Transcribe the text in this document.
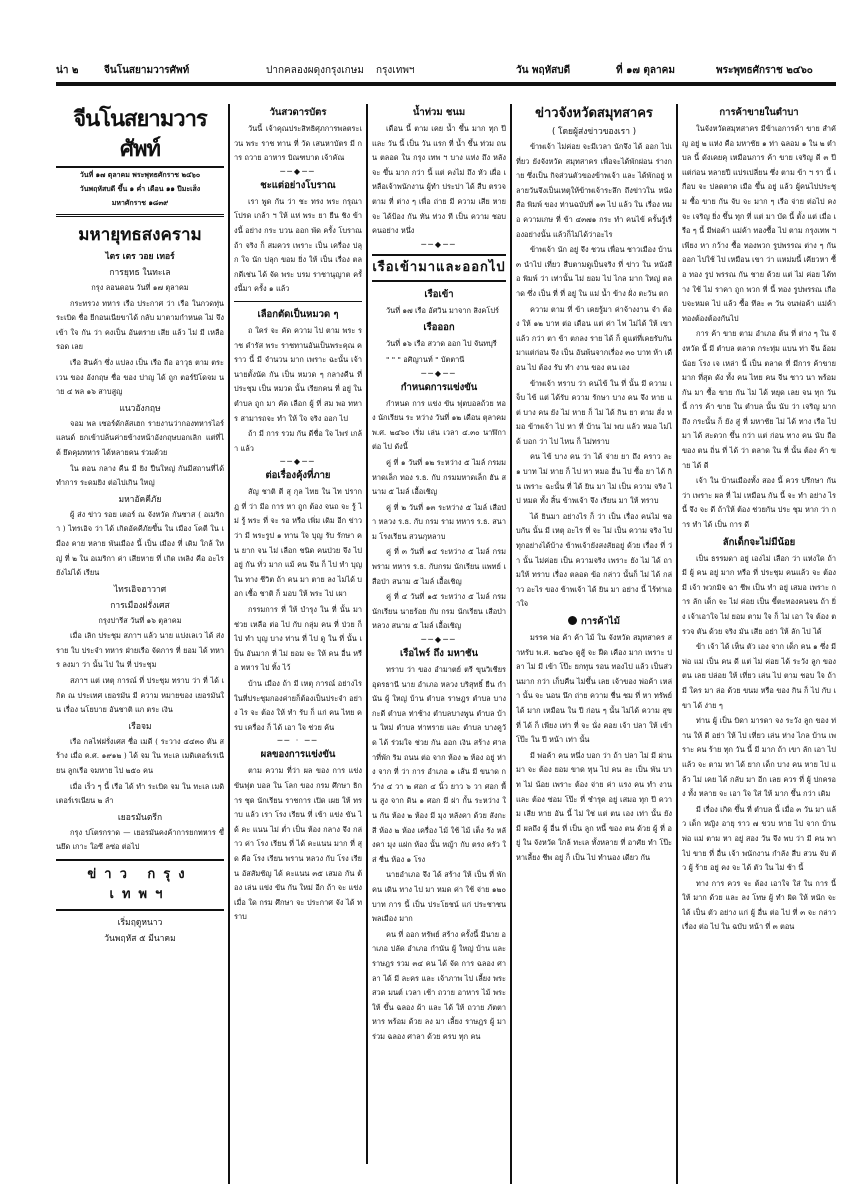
น่า ๒	จีนโนสยามวารศัพท์	ปากคลองผดุงกรุงเกษม กรุงเทพฯ	วัน พฤหัสบดี	ที่ ๑๗ ตุลาคม	พระพุทธศักราช ๒๔๖๐
จีนโนสยามวารศัพท์
วันที่ ๑๗ ตุลาคม พระพุทธศักราช ๒๔๖๐
วันพฤหัสบดี ขึ้น ๑ ค่ำ เดือน ๑๑ ปีมะเส็ง
มหาศักราช ๑๘๓๙
มหายุทธสงคราม
ไตร เตร วอย เทอร์
การยุทธ ในทะเล

กรุง ลอนดอน วันที่ ๑๗ ตุลาคม

กระทรวง ทหาร เรือ ประกาศ ว่า เรือ ในกวดทุ่น ระเบิด ชื่อ ยีกอนเนียขาได้ กลับ มาตามกำหนด ไม่ จึง เข้า ใจ กัน ว่า คงเป็น อันตราย เสีย แล้ว ไม่ มี เหลือ รอด เลย

เรือ สินค้า ซึ่ง แปลง เป็น เรือ ถือ อาวุธ ตาม ตระเวน ของ อังกฤษ ชื่อ ของ ปาญ ได้ ถูก ตอร์ปิโดจม นาย ๔ พล ๑๖ สาบสูญ

แนวอังกฤษ

จอม พล เซอร์ดักลัสเฮก รายงานว่ากองทหารไอร์แลนด์ ยกเข้าปล้นค่ายข้างหน้าอังกฤษบอกเลิก แต่ที่ได้ ยึดคุมทหาร ได้หลายคน ร่วมด้วย

ใน ตอน กลาง คืน มี ยิง ปืนใหญ่ กันมีสถานที่ได้ ทำการ ระดมยิง ต่อไปเกิน ใหญ่

มหาอัคคีภัย

ผู้ ส่ง ข่าว รอย เตอร์ ณ จังหวัด กันซาส ( อเมริกา ) ไทรเอิจ ว่า ได้ เกิดอัคคีภัยขึ้น ใน เมือง โคตี ใน เมือง คาย หลาย พันเมือง นี้ เป็น เมือง ที่ เดิม ใกล้ ใหญ่ ที่ ๒ ใน อเมริกา ค่า เสียหาย ที่ เกิด เพลิง คือ อะไรยังไม่ได้ เรียน

ไทรเอิจฮาวาศ
การเมืองฝรั่งเศส

กรุงปารีส วันที่ ๑๖ ตุลาคม

เมื่อ เลิก ประชุม สภาฯ แล้ว นาย แปงเลเว ได้ ส่ง ราย ใบ ประจำ ทหาร ฝ่ายเรือ จัดการ ที่ ยอม ได้ ทหาร ลงมา ว่า นั้น ไป ใน ที่ ประชุม

สภาฯ แต่ เหตุ การณ์ ที่ ประชุม ทราบ ว่า ที่ ได้ เกิด ณ ประเทศ เยอรมัน มี ความ หมายของ เยอรมันใน เรื่อง นโยบาย อันชาติ แก ตระ เงิน

เรือจม

เรือ กลไฟฝรั่งเศส ชื่อ เมดี ( ระวาง ๔๔๓๐ ตัน สร้าง เมื่อ ค.ศ. ๑๙๑๒ ) ได้ จม ใน ทะเล เมดิเตอร์เรเนียน ลูกเรือ จมหาย ไป ๒๕๐ คน

เมื่อ เร็ว ๆ นี้ เรือ ได้ ทำ ระเบิด จม ใน ทะเล เมดิเตอร์เรเนียน ๒ ลำ

เยอรมันตรีก

กรุง ปโตรกราด — เยอรมันคงค้าการยกทหาร ขึ้นยึด เกาะ ใอซี ลซ่อ ต่อไป

ข่าว กรุง เทพฯ
เริ่มฤดูหนาว
วันพฤหัส ๕ มีนาคม
วันสวดารบัตร

วันนี้ เจ้าคุณประสิทธิศุภการพลตระเวน พระ ราช ทาน ที่ วัด เสนหาบัตร มี การ ถวาย อาหาร บิณฑบาต เจ้าคัณ

──◆──
ชะแต่อย่างโบราณ

เรา พูด กัน ว่า ชะ ทรง พระ กรุณา โปรด เกล้า ฯ ให้ แห่ พระ ยา ยืน ชิง ข้างนี้ อย่าง กระ บวน ออก พัด ครั้ง โบราณ ถ้า จริง ก็ สมควร เพราะ เป็น เครื่อง ปลุก ใจ นัก ปลุก ขอม ยิ่ง ให้ เป็น เรื่อง ตลกดีเช่น ได้ จัด พระ บรม ราชานุญาต ครั้งนี้มา ครั้ง ๑ แล้ว

เลือกตัดเป็นหมวด ๆ

ถ ใคร่ จะ คัด ความ ไป ตาม พระ ราช ดำรัส พระ ราชทานอันเป็นพระคุณ คราว นี้ มี จำนวน มาก เพราะ ฉะนั้น เจ้า นายตั้งนัด กัน เป็น หมวด ๆ กลางคืน ที่ ประชุม เป็น หมวด นั้น เรียกคน ที่ อยู่ ใน ตำบล ถูก มา คัด เลือก ผู้ ที่ สม พอ ทหาร สามารถจะ ทำ ให้ ใจ จริง ออก ไป

ถ้า มี การ รวม กัน ดีชื่อ ใจ ไพร่ เกล้า แล้ว

──◆──
ต่อเรื่องคุ้งที่ภาย

สัญ ชาติ ตี สุ กุล ไทย ใน ไท ปรากฏ ที่ ว่า มีอ การ หา ถูก ต้อง จนถ จะ รู้ ไม่ รู้ พระ ที่ จะ รอ หรือ เพิ่ม เดิม อีก ข่าว ว่า มี พระรูป ๑ ทาน ใจ บุญ รับ รักษา คน ยาก จน ไม่ เลือก ชนิด คนป่วย จึง ไป อยู่ กัน ทั่ว มาก แม้ คน จีน ก็ ไป ทำ บุญ ใน ทาง ชีวิต ถ้า คน มา ตาย ลง ไม่ได้ บอก เชื้อ ชาติ ก็ มอบ ให้ พระ ไป เผา

กรรมการ ที่ ให้ บำรุง ใน ที่ นั้น มา ช่วย เหลือ ต่อ ไป กับ กลุ่ม คน ที่ ป่วย ก็ ไป ทำ บุญ บาง ท่าน ที่ ไป ดู ใน ที่ นั้น เป็น อันมาก ที่ ไม่ ยอม จะ ให้ คน อื่น หรือ ทหาร ไป ทิ้ง ไว้

บ้าน เมือง ถ้า มี เหตุ การณ์ อย่างไรในที่ประชุมกองค่ายก็ต้องเป็นประจำ อย่าง ไร จะ ต้อง ให้ ทำ รับ ก็ แก่ คน ไทย ครบ เครื่อง ก็ ได้ เอา ใจ ช่วย ค้น

── · ──
ผลของการแข่งขัน

ตาม ความ ที่ว่า ผล ของ การ แข่ง ขันฟุต บอล ใน โลก ของ กรม ศึกษา ธิการ ชุด นักเรียน ราชการ เปิด เผย ให้ ทราบ แล้ว เรา โรง เรียน ที่ เข้า แข่ง ขัน ได้ คะ แนน ไม่ ต่ำ เป็น ห้อง กลาง จึง กล่าว ค่า โรง เรียน ที่ ได้ คะแนน มาก ที่ สุด คือ โรง เรียน พราน หลวง กับ โรง เรียน อัสสัมชัญ ได้ คะแนน ๓๕ เสมอ กัน ต้อง เล่น แข่ง ขัน กัน ใหม่ อีก ถ้า จะ แข่ง เมื่อ ใด กรม ศึกษา จะ ประกาศ จัง ได้ ทราบ

น้ำท่วม ชนม

เดือน นี้ ตาม เคย น้ำ ขึ้น มาก ทุก ปี และ วัน นี้ เป็น วัน แรก ที่ น้ำ ขึ้น ท่วม ถนน ตลอด ใน กรุง เทพ ฯ บาง แห่ง ถึง หลัง จะ ขึ้น มาก กว่า นี้ แต่ คงไม่ ถึง หัว เผื่อ เหลือเจ้าพนักงาน ผู้ทำ ประปา ได้ สืบ ตรวจ ตาม ที่ ต่าง ๆ เพื่อ ถ่าย มี ความ เสีย หาย จะ ได้ป้อง กัน ทัน ท่วง ที เป็น ความ ชอบ คนอย่าง หนึ่ง

──◆──
เรือเข้ามาและออกไป
เรือเข้า

วันที่ ๑๗ เรือ อัศวิน มาจาก สิงคโปร์

เรือออก

วันที่ ๑๖ เรือ สวาด ออก ไป จันทบุรี

" " " อศิญานท์ " บัตตานี

──◆──
กำหนดการแข่งขัน

กำหนด การ แข่ง ขัน ฟุตบอลถ้วย ทอง นักเรียน ระ หว่าง วันที่ ๑๒ เดือน ตุลาคม พ.ศ. ๒๔๖๐ เริ่ม เล่น เวลา ๔.๓๐ นาฬิกา ต่อ ไป ดังนี้

คู่ ที่ ๑ วันที่ ๑๒ ระหว่าง ๕ ไมล์ กรมมหาดเล็ก ทอง ร.ธ. กับ กรมมหาดเล็ก ฮัน สนาม ๕ ไมล์ เอื้อเชิญ

คู่ ที่ ๒ วันที่ ๑๓ ระหว่าง ๕ ไมล์ เสือป่า หลวง ร.ธ. กับ กรม ราม ทหาร ร.ธ. สนาม โรงเรียน สวนกุหลาบ

คู่ ที่ ๓ วันที่ ๑๔ ระหว่าง ๕ ไมล์ กรม พราม ทหาร ร.ธ. กับกรม นักเรียน แพทย์ เสือป่า สนาม ๕ ไมล์ เอื้อเชิญ

คู่ ที่ ๔ วันที่ ๑๕ ระหว่าง ๕ ไมล์ กรม นักเรียน นายร้อย กับ กรม นักเรียน เสือป่า หลวง สนาม ๕ ไมล์ เอื้อเชิญ

──◆──
เรือไพร์ ถึง มหาชัน

ทราบ ว่า ของ อำมาตย์ ตรี ขุนวิเชียร อุดรธานี นาย อำเภอ หลวง บริสุทธิ์ ยืน กำนัน ผู้ ใหญ่ บ้าน ตำบล ราษฎร ตำบล บางกะดี ตำบล ท่าช้าง ตำบลบางพูน ตำบล บ้าน ใหม่ ตำบล ท่าทราย และ ตำบล บางคูวัด ได้ ร่วมใจ ช่วย กัน ออก เงิน สร้าง ศาลาที่พัก ริม ถนน ต่อ จาก ห้อง ๒ ห้อง อยู่ ห่าง จาก ที่ ว่า การ อำเภอ ๑ เส้น มี ขนาด กว้าง ๔ วา ๒ ศอก ๔ นิ้ว ยาว ๖ วา ศอก พื้น สูง จาก ดิน ๑ ศอก มี ฝา กั้น ระหว่าง ใน กัน ห้อง ๒ ห้อง มี มุง หลังคา ด้วย สังกะสี ห้อง ๒ ห้อง เครื่อง ไม้ ใช้ ไม้ เต็ง รัง หลังคา มุง แฝก ห้อง นั้น หญ้า กับ ตรง ครัว ใส่ ชื่น ห้อง ๑ โรง

นายอำเภอ จึง ได้ สร้าง ให้ เป็น ที่ พัก คน เดิน ทาง ไป มา หมด ค่า ใช้ จ่าย ๑๒๐ บาท การ นี้ เป็น ประโยชน์ แก่ ประชาชน พลเมือง มาก

คน ที่ ออก ทรัพย์ สร้าง ครั้งนี้ มีนาย อำเภอ ปลัด อำเภอ กำนัน ผู้ ใหญ่ บ้าน และ ราษฎร รวม ๓๔ คน ได้ จัด การ ฉลอง ศาลา ได้ มี ละคร และ เจ้าภาพ ไป เลี้ยง พระ สวด มนต์ เวลา เช้า ถวาย อาหาร ไม้ พระ ให้ ขึ้น ฉลอง ผ้า และ ได้ ให้ ถวาย ภัตตาหาร พร้อม ด้วย ลง มา เลี้ยง ราษฎร ผู้ มา ร่วม ฉลอง ศาลา ด้วย ครบ ทุก คน

ข่าวจังหวัดสมุทสาคร
( โดยผู้ส่งข่าวของเรา )

ข้าพเจ้า ไม่ค่อย จะมีเวลา นักจึง ได้ ออก ไปเที่ยว ยังจังหวัด สมุทสาคร เพื่อจะได้พักผ่อน ร่างกาย ซึ่งเป็น กิจส่วนตัวของข้าพเจ้า และ ได้พักอยู่ หลายวันจึงเป็นเหตุให้ข้าพเจ้าระลึก ถึงข่าวใน หนังสือ พิมพ์ ของ ท่านฉบับที่ ๑๓ ไป แล้ว ใน เรื่อง หมอ ความเกษ ที่ ข้า ๔๓๗๑ กระ ทำ คนไข้ ครั้นรู้เรื่องอย่างนั้น แล้วก็ไม่ได้ว่าอะไร

ข้าพเจ้า นัก อยู่ จึง ชวน เพื่อน ชาวเมือง บ้าน ๓ นำไป เที่ยว สืบตามดูเป็นจริง ที่ ข่าว ใน หนังสือ พิมพ์ ว่า เท่านั้น ไม่ ยอม ไป ไกล มาก ใหญ่ ตลาด ซึ่ง เป็น ที่ ที่ อยู่ ใน แม่ น้ำ ข้าง ฝั่ง ตะวัน ตก

ความ ตาม ที่ ข้า เคยรู้มา ค่าจ้างงาน จำ ต้อง ให้ ๑๒ บาท ต่อ เดือน แต่ ค่า ไฟ ไม่ได้ ให้ เขา แล้ว กว่า ตา ข้า ตกลง ราย ได้ ก็ ดูแต่ที่เคยรับกันมาแต่ก่อน จึง เป็น อันพ้นจากเรื่อง ๓๐ บาท ห้า เดือน ไป ต้อง รับ ทำ งาน ของ ตน เอง

ข้าพเจ้า ทราบ ว่า คนไข้ ใน ที่ นั้น มี ความ เจ็บ ไข้ แต่ ได้รับ ความ รักษา บาง คน จึง หาย แต่ บาง คน ยัง ไม่ หาย ก็ ไม่ ได้ กิน ยา ตาม สั่ง หมอ ข้าพเจ้า ไป หา ที่ บ้าน ไม่ พบ แล้ว หมอ ไม่ได้ บอก ว่า ไป ไหน ก็ ไม่ทราบ

คน ไข้ บาง คน ว่า ได้ จ่าย ยา ถึง คราว ละ ๑ บาท ไม่ หาย ก็ ไป หา หมอ อื่น ไป ซื้อ ยา ได้ กิน เพราะ ฉะนั้น ที่ ได้ ยิน มา ไม่ เป็น ความ จริง ไป หมด ทั้ง สิ้น ข้าพเจ้า จึง เรียน มา ให้ ทราบ

ได้ ยินมา อย่างไร ก็ ว่า เป็น เรื่อง คนไม่ ชอบกัน นั้น มี เหตุ อะไร ที่ จะ ไม่ เป็น ความ จริง ไปทุกอย่างได้บ้าง ข้าพเจ้ายังสงสัยอยู่ ด้วย เรื่อง ที่ ว่า นั้น ไม่ค่อย เป็น ความจริง เพราะ ยัง ไม่ ได้ ถามให้ ทราบ เรื่อง ตลอด ข้อ กล่าว นั้นก็ ไม่ ได้ กล่าว อะไร ของ ข้าพเจ้า ได้ ยิน มา อย่าง นี้ ไร้ท่าเอาใจ

การค้าไม้

มรรค พ่อ ค้า ค้า ไม้ ใน จังหวัด สมุทสาคร สำหรับ พ.ศ. ๒๔๖๐ ดูสู้ จะ ฝืด เคือง มาก เพราะ ปลา ไม่ มี เข้า โป๊ะ ยกทุน รอน ทองไป แล้ว เป็นส่วนมาก กว่า เก็บคืน ไม่ขึ้น เลย เจ้าของ พ่อค้า เหล่า นั้น จะ นอน นึก ถ่าย ความ ชื่น ชม ที่ หา ทรัพย์ ได้ มาก เหมือน ใน ปี ก่อน ๆ นั้น ไม่ได้ ความ สุข ที่ ได้ ก็ เพียง เท่า ที่ จะ นั่ง คอย เจ้า ปลา ให้ เข้า โป๊ะ ใน ปี หน้า เท่า นั้น

มี พ่อค้า คน หนึ่ง บอก ว่า ถ้า ปลา ไม่ มี ผ่าน มา จะ ต้อง ยอม ขาด ทุน ไป คน ละ เป็น พัน บาท ไม่ น้อย เพราะ ต้อง จ่าย ค่า แรง คน ทำ งาน และ ต้อง ซ่อม โป๊ะ ที่ ชำรุด อยู่ เสมอ ทุก ปี ความ เสีย หาย อัน นี้ ไม่ ใช่ แต่ ตน เอง เท่า นั้น ยัง มี ผลถึง ผู้ อื่น ที่ เป็น ลูก หนี้ ของ ตน ด้วย ผู้ ที่ อยู่ ใน จังหวัด ใกล้ ทะเล ทั้งหลาย ที่ อาศัย ทำ โป๊ะ หาเลี้ยง ชีพ อยู่ ก็ เป็น ไป ทำนอง เดียว กัน

การค้าขายในตำบา

ในจังหวัดสมุทสาคร มีข้าเอการค้า ขาย สำคัญ อยู่ ๒ แห่ง คือ มหาชัย ๑ ท่า ฉลอม ๑ ใน ๒ ตำบล นี้ ดังเคยคุ เหมือนการ ค้า ขาย เจริญ ดี ๓ ปี แต่ก่อน หลายปี แปรเปลี่ยน ซึ่ง ตาม ข้า ฯ รา นี้ เกือบ จะ ปลดตาด เมือ ขึ้น อยู่ แล้ว ผู้คนไปประชุม ซื้อ ขาย กัน จับ จะ มาก ๆ เรือ จ่าย ต่อไป คง จะ เจริญ ยิ่ง ขึ้น ทุก ที่ แต่ มา บัด นี้ ตั้ง แต่ เมื่อ เรือ ๆ นี้ มีพ่อค้า แม่ค้า ทองซื้อ ไป ตาม กรุงเทพ ฯ เพียง หา กว้าง ซื้อ ทองพวก รูปพรรณ ต่าง ๆ กัน ออก ไปใช้ ไป เหมือน เขา ว่า แหม่มนี้ เคียวหา ซื้อ ทอง รูป พรรณ กัน ชาย ด้วย แต่ ไม่ ค่อย ได้ทาง ใช้ ไม่ ราคา ถูก พวก ที่ นี้ ทอง รูปพรรณ เกือบจะหมด ไป แล้ว ซื้อ ทีละ ๓ วัน จนพ่อค้า แม่ค้า ทองต้องต้องกันไป

การ ค้า ขาย ตาม อำเภอ ต้น ที่ ต่าง ๆ ใน จังหวัด นี้ มี ตำบล ตลาด กระทุ่ม แบน ท่า จีน อ้อมน้อย โรง เจ เหล่า นี้ เป็น ตลาด ที่ มีการ ค้าขาย มาก ที่สุด ดัง ทั้ง คน ไทย คน จีน ชาว นา พร้อม กัน มา ซื้อ ขาย กัน ไม่ ได้ หยุด เลย จน ทุก วัน นี้ การ ค้า ขาย ใน ตำบล นั้น นับ ว่า เจริญ มาก ถึง กระนั้น ก็ ยัง สู่ ที่ มหาชัย ไม่ ได้ ทาง เรือ ไป มา ได้ สะดวก ขึ้น กว่า แต่ ก่อน ทาง คน นับ ถือ ของ ตน ถิ่น ที่ ได้ ว่า ตลาด ใน ที่ นั้น ต้อง ค้า ขาย ได้ ดี

เจ้า ใน บ้านเมืองทั้ง สอง นี้ ควร ปรึกษา กัน ว่า เพราะ ผล ที่ ไม่ เหมือน กัน นี้ จะ ทำ อย่าง ไร นี้ จึง จะ ดี ถ้าให้ ต้อง ช่วยกัน ประ ชุม หาก ว่า การ ทำ ได้ เป็น การ ดี

ลักเด็กจะไม่มีน้อย

เป็น ธรรมดา อยู่ เองไม่ เลือก ว่า แห่งใด ถ้า มี ผู้ คน อยู่ มาก หรือ ที่ ประชุม คนแล้ว จะ ต้อง มี เจ้า พวกมิจ ฉา ชีพ เป็น ทำ อยู่ เสมอ เพราะ การ ลัก เด็ก จะ ไม่ ค่อย เป็น ขี้ตะทองคนจน ถ้า ยิ่ง เจ้าเอาใจ ไม่ ยอม ตาม ใจ ก็ ไม่ เอา ใจ ต้อง ตรวจ ตัน ด้วย จริง มัน เสีย อย่า ให้ ลัก ไป ได้

ข้า เจ้า ได้ เห็น ตัว เอง จาก เด็ก คน ๑ ซึ่ง มี พ่อ แม่ เป็น คน ดี แต่ ไม่ ค่อย ได้ ระวัง ลูก ของ ตน เลย ปล่อย ให้ เที่ยว เล่น ไป ตาม ชอบ ใจ ถ้า มี ใคร มา ล่อ ด้วย ขนม หรือ ของ กิน ก็ ไป กับ เขา ได้ ง่าย ๆ

ท่าน ผู้ เป็น บิดา มารดา จง ระวัง ลูก ของ ท่าน ให้ ดี อย่า ให้ ไป เที่ยว เล่น ห่าง ไกล บ้าน เพราะ คน ร้าย ทุก วัน นี้ มี มาก ถ้า เขา ลัก เอา ไป แล้ว จะ ตาม หา ได้ ยาก เด็ก บาง คน หาย ไป แล้ว ไม่ เคย ได้ กลับ มา อีก เลย ควร ที่ ผู้ ปกครอง ทั้ง หลาย จะ เอา ใจ ใส่ ให้ มาก ขึ้น กว่า เดิม

มี เรื่อง เกิด ขึ้น ที่ ตำบล นี้ เมื่อ ๓ วัน มา แล้ว เด็ก หญิง อายุ ราว ๗ ขวบ หาย ไป จาก บ้าน พ่อ แม่ ตาม หา อยู่ สอง วัน จึง พบ ว่า มี คน พา ไป ขาย ที่ อื่น เจ้า พนักงาน กำลัง สืบ สวน จับ ตัว ผู้ ร้าย อยู่ คง จะ ได้ ตัว ใน ไม่ ช้า นี้

ทาง การ ควร จะ ต้อง เอาใจ ใส่ ใน การ นี้ ให้ มาก ด้วย และ ลง โทษ ผู้ ทำ ผิด ให้ หนัก จะ ได้ เป็น ตัว อย่าง แก่ ผู้ อื่น ต่อ ไป ที่ ๓ จะ กล่าว เรื่อง ต่อ ไป ใน ฉบับ หน้า ที่ ๓ ตอน
